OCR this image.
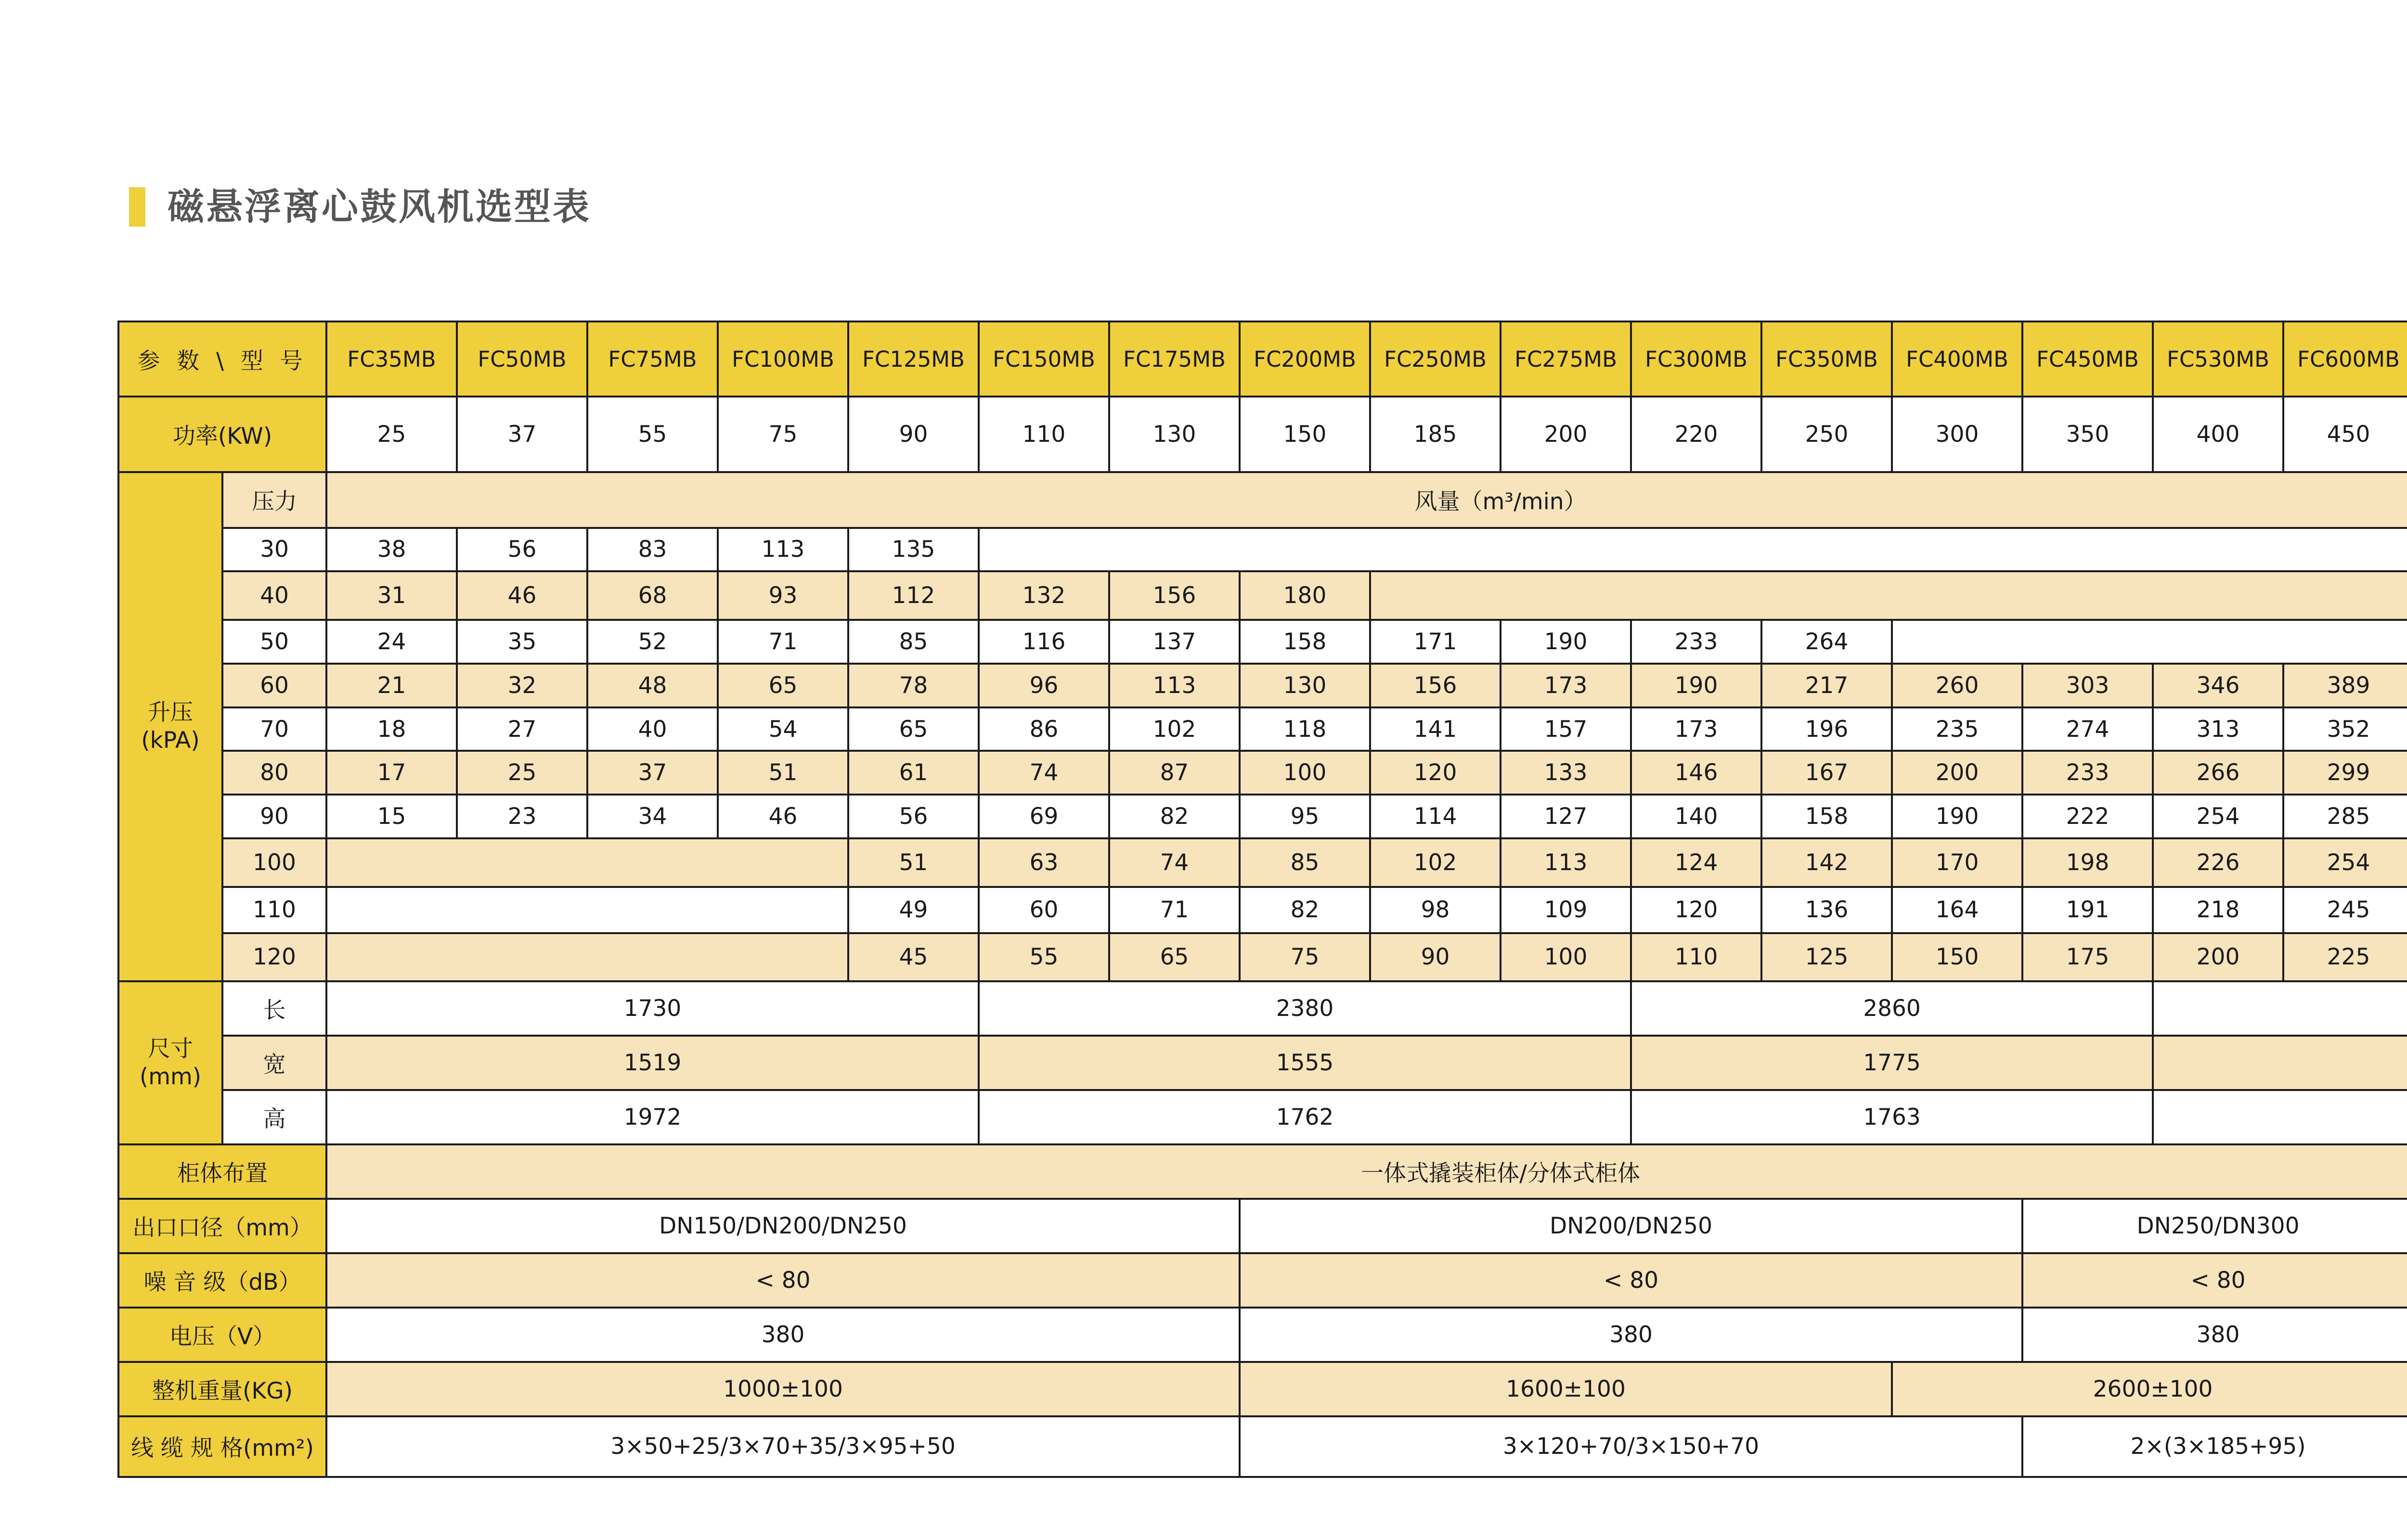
磁悬浮离心鼓风机选型表
参 数 \ 型 号		FC35MB	FC50MB	FC75MB	FC100MB	FC125MB	FC150MB	FC175MB	FC200MB	FC250MB	FC275MB	FC300MB	FC350MB	FC400MB	FC450MB	FC530MB	FC600MB		
功率(KW)		25	37	55	75	90	110	130	150	185	200	220	250	300	350	400	450		
升压
(kPA)	压力	风量（m³/min）																	
	30	38	56	83	113	135													
	40	31	46	68	93	112	132	156	180										
	50	24	35	52	71	85	116	137	158	171	190	233	264						
	60	21	32	48	65	78	96	113	130	156	173	190	217	260	303	346	389		
	70	18	27	40	54	65	86	102	118	141	157	173	196	235	274	313	352		
	80	17	25	37	51	61	74	87	100	120	133	146	167	200	233	266	299		
	90	15	23	34	46	56	69	82	95	114	127	140	158	190	222	254	285		
	100					51	63	74	85	102	113	124	142	170	198	226	254		
	110					49	60	71	82	98	109	120	136	164	191	218	245		
	120					45	55	65	75	90	100	110	125	150	175	200	225		
尺寸
(mm)	长	1730					2380					2860							
	宽	1519					1555					1775							
	高	1972					1762					1763							
柜体布置		一体式撬装柜体/分体式柜体																	
出口口径（mm）		DN150/DN200/DN250							DN200/DN250						DN250/DN300	
噪 音 级（dB）		< 80							< 80						< 80	
电压（V）		380							380						380	
整机重量(KG)		1000±100							1600±100					2600±100	
线 缆 规 格(mm²)		3×50+25/3×70+35/3×95+50							3×120+70/3×150+70						2×(3×185+95)	
